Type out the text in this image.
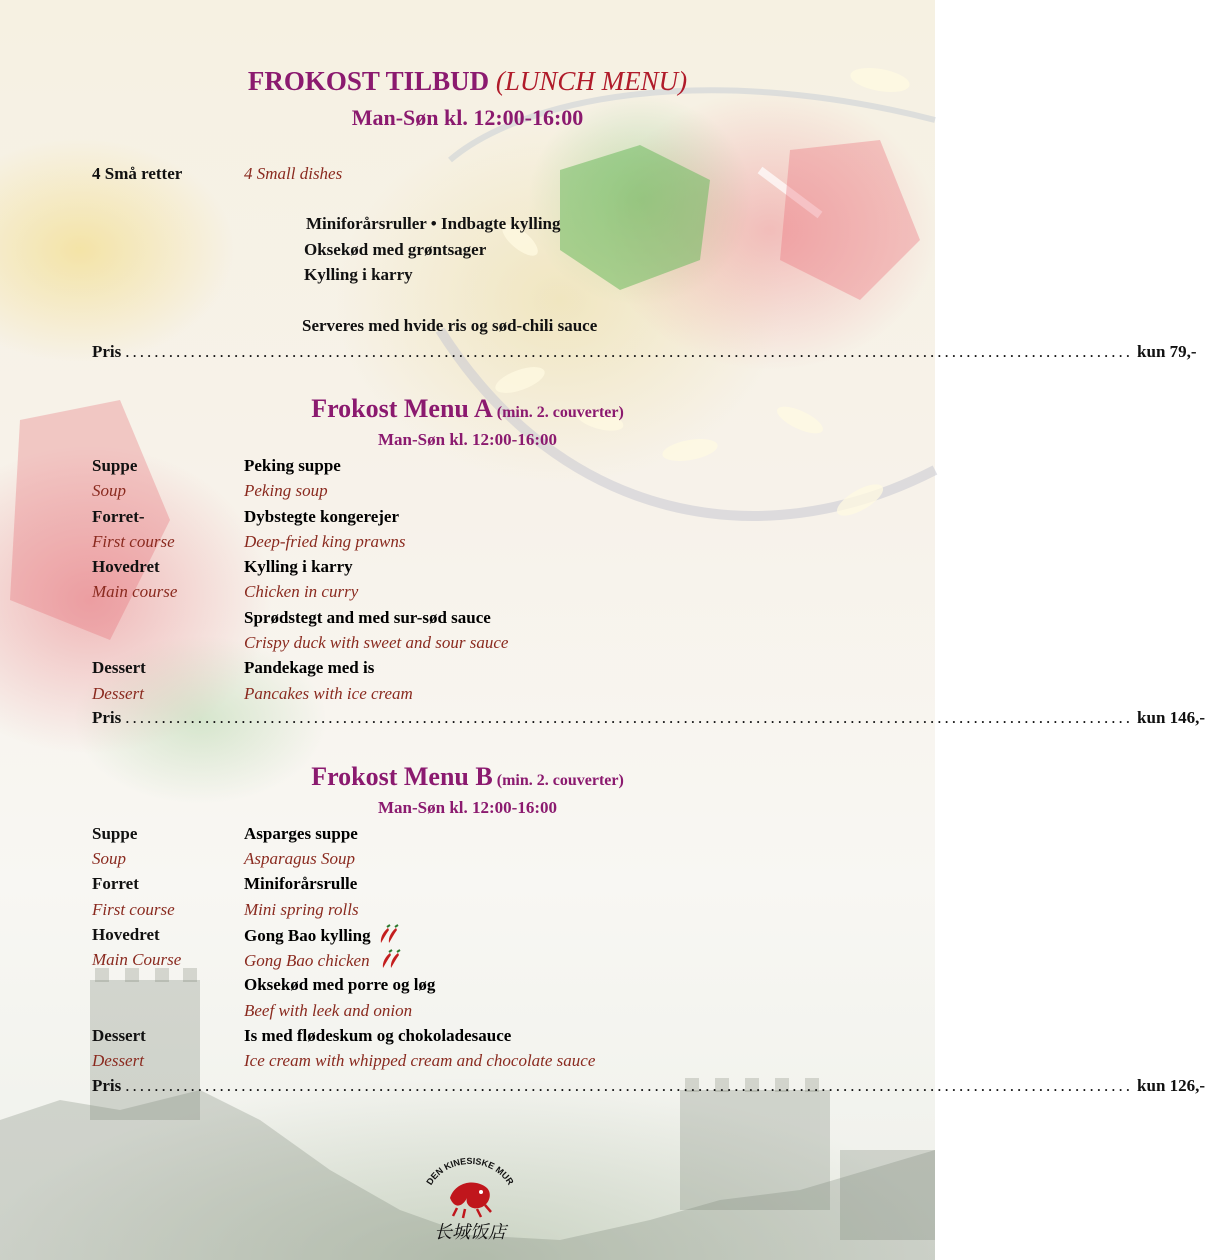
FROKOST TILBUD (LUNCH MENU)
Man-Søn kl. 12:00-16:00
4 Små retter	4 Small dishes
Miniforårsruller • Indbagte kylling
Oksekød med grøntsager
Kylling i karry
Serveres med hvide ris og sød-chili sauce
Pris ........................................................................................................................................... kun 79,-
Frokost Menu A (min. 2. couverter)
Man-Søn kl. 12:00-16:00
Suppe	Peking suppe
Soup	Peking soup
Forret-	Dybstegte kongerejer
First course	Deep-fried king prawns
Hovedret	Kylling i karry
Main course	Chicken in curry
Sprødstegt and med sur-sød sauce
Crispy duck with sweet and sour sauce
Dessert	Pandekage med is
Dessert	Pancakes with ice cream
Pris ........................................................................................................................................... kun 146,-
Frokost Menu B (min. 2. couverter)
Man-Søn kl. 12:00-16:00
Suppe	Asparges suppe
Soup	Asparagus Soup
Forret	Miniforårsrulle
First course	Mini spring rolls
Hovedret	Gong Bao kylling
Main Course	Gong Bao chicken
Oksekød med porre og løg
Beef with leek and onion
Dessert	Is med flødeskum og chokoladesauce
Dessert	Ice cream with whipped cream and chocolate sauce
Pris ........................................................................................................................................... kun 126,-
DEN KINESISKE MUR
长城饭店
